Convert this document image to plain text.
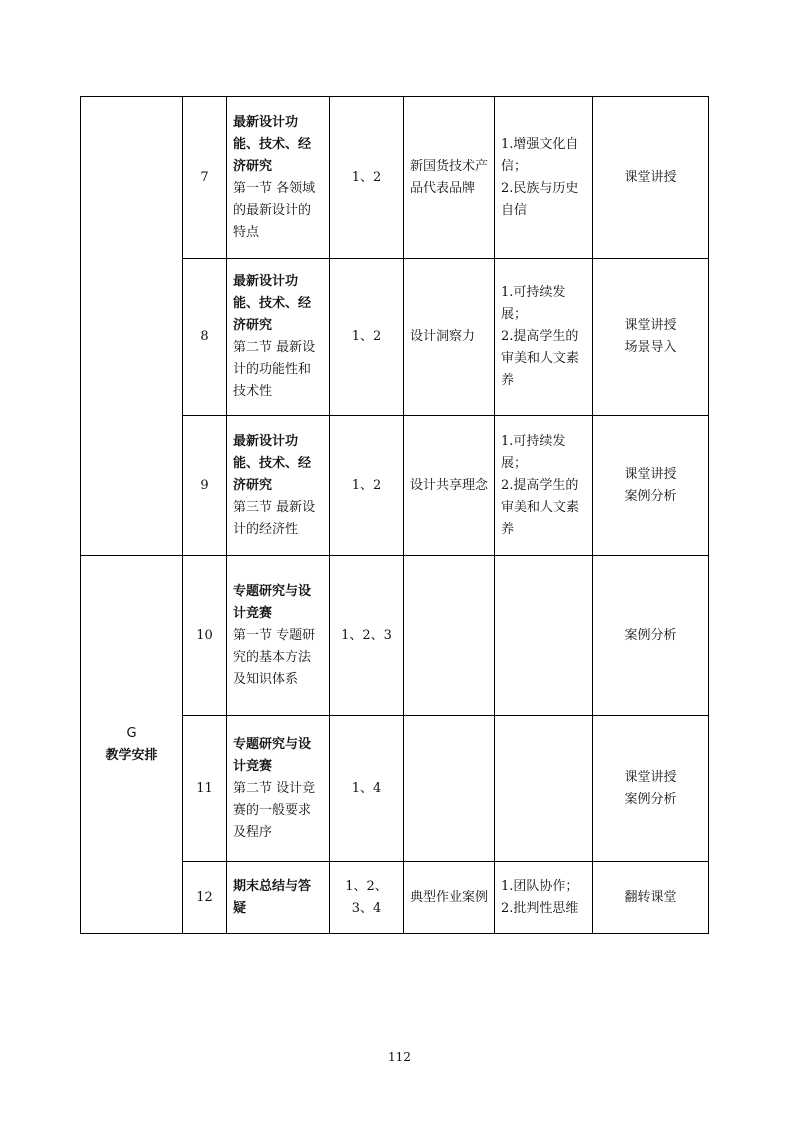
	7	最新设计功能、技术、经济研究
第一节 各领域的最新设计的特点	1、2	新国货技术产品代表品牌	1.增强文化自信；
2.民族与历史自信	课堂讲授

	8	最新设计功能、技术、经济研究
第二节 最新设计的功能性和技术性	1、2	设计洞察力	1.可持续发展；
2.提高学生的审美和人文素养	课堂讲授
场景导入

	9	最新设计功能、技术、经济研究
第三节 最新设计的经济性	1、2	设计共享理念	1.可持续发展；
2.提高学生的审美和人文素养	课堂讲授
案例分析

G
教学安排	10	专题研究与设计竞赛
第一节 专题研究的基本方法及知识体系	1、2、3			案例分析

	11	专题研究与设计竞赛
第二节 设计竞赛的一般要求及程序	1、4			课堂讲授
案例分析

	12	期末总结与答疑	1、2、3、4	典型作业案例	1.团队协作；
2.批判性思维	翻转课堂
112
